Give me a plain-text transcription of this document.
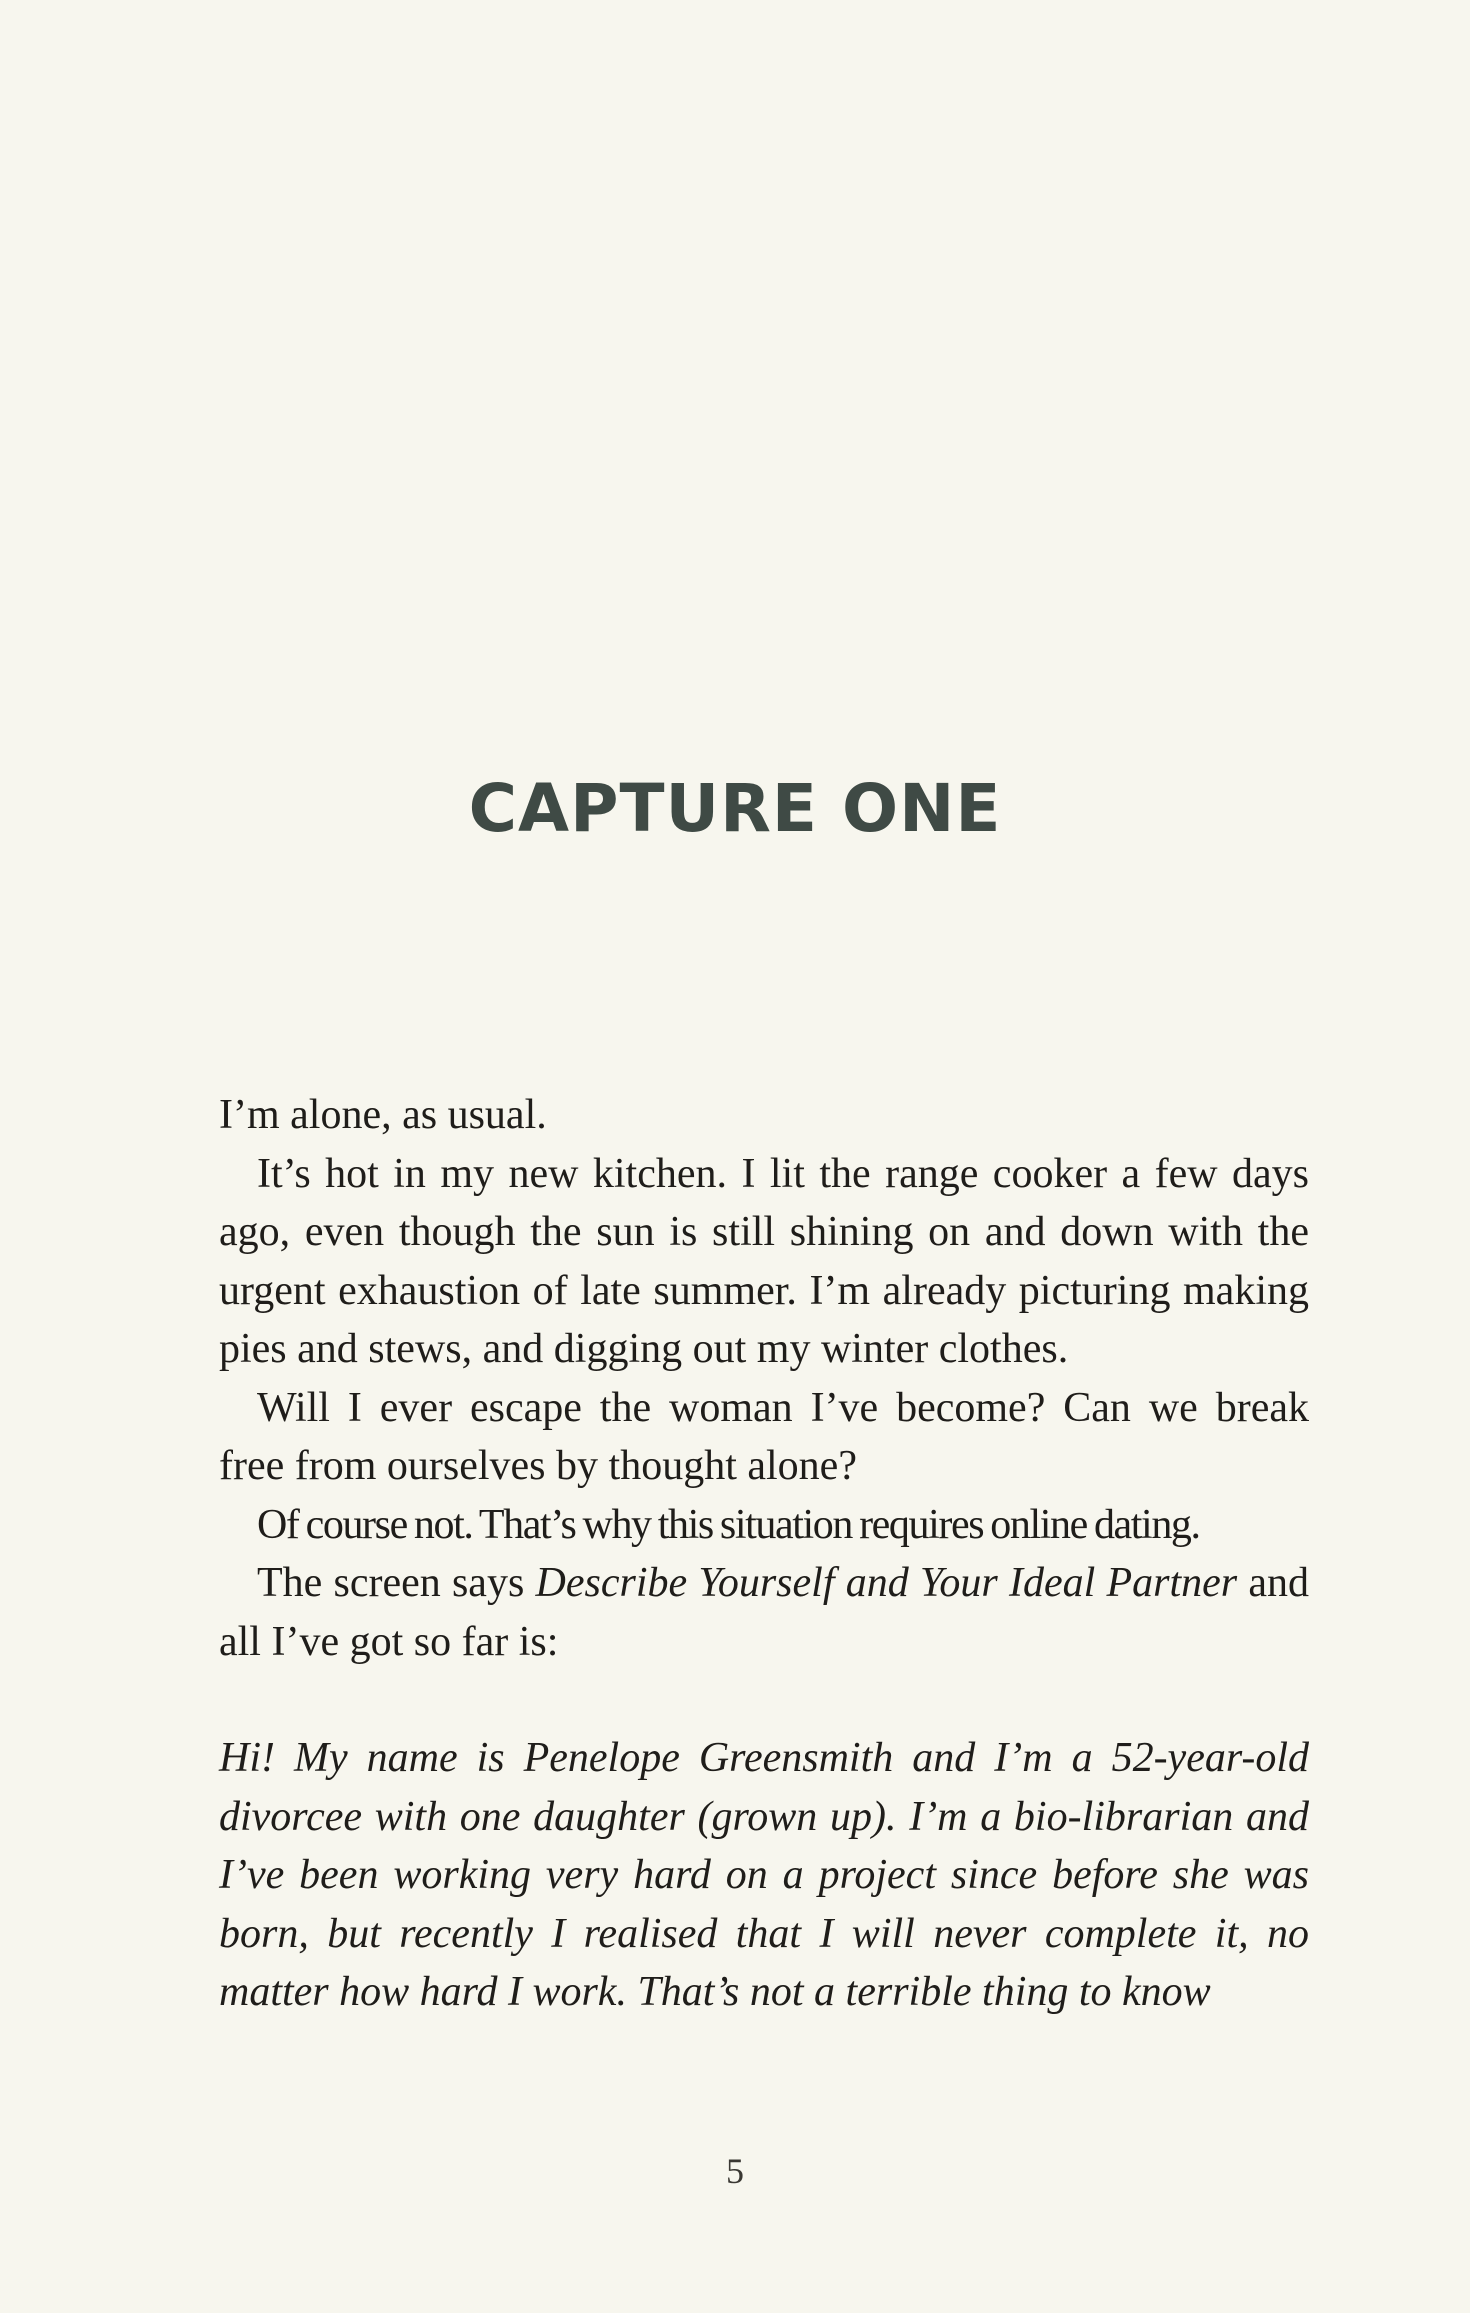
CAPTURE ONE

I’m alone, as usual.

It’s hot in my new kitchen. I lit the range cooker a few days ago, even though the sun is still shining on and down with the urgent exhaustion of late summer. I’m already picturing making pies and stews, and digging out my winter clothes.

Will I ever escape the woman I’ve become? Can we break free from ourselves by thought alone?

Of course not. That’s why this situation requires online dating.

The screen says Describe Yourself and Your Ideal Partner and all I’ve got so far is:

Hi! My name is Penelope Greensmith and I’m a 52-year-old divorcee with one daughter (grown up). I’m a bio-librarian and I’ve been working very hard on a project since before she was born, but recently I realised that I will never complete it, no matter how hard I work. That’s not a terrible thing to know

5
